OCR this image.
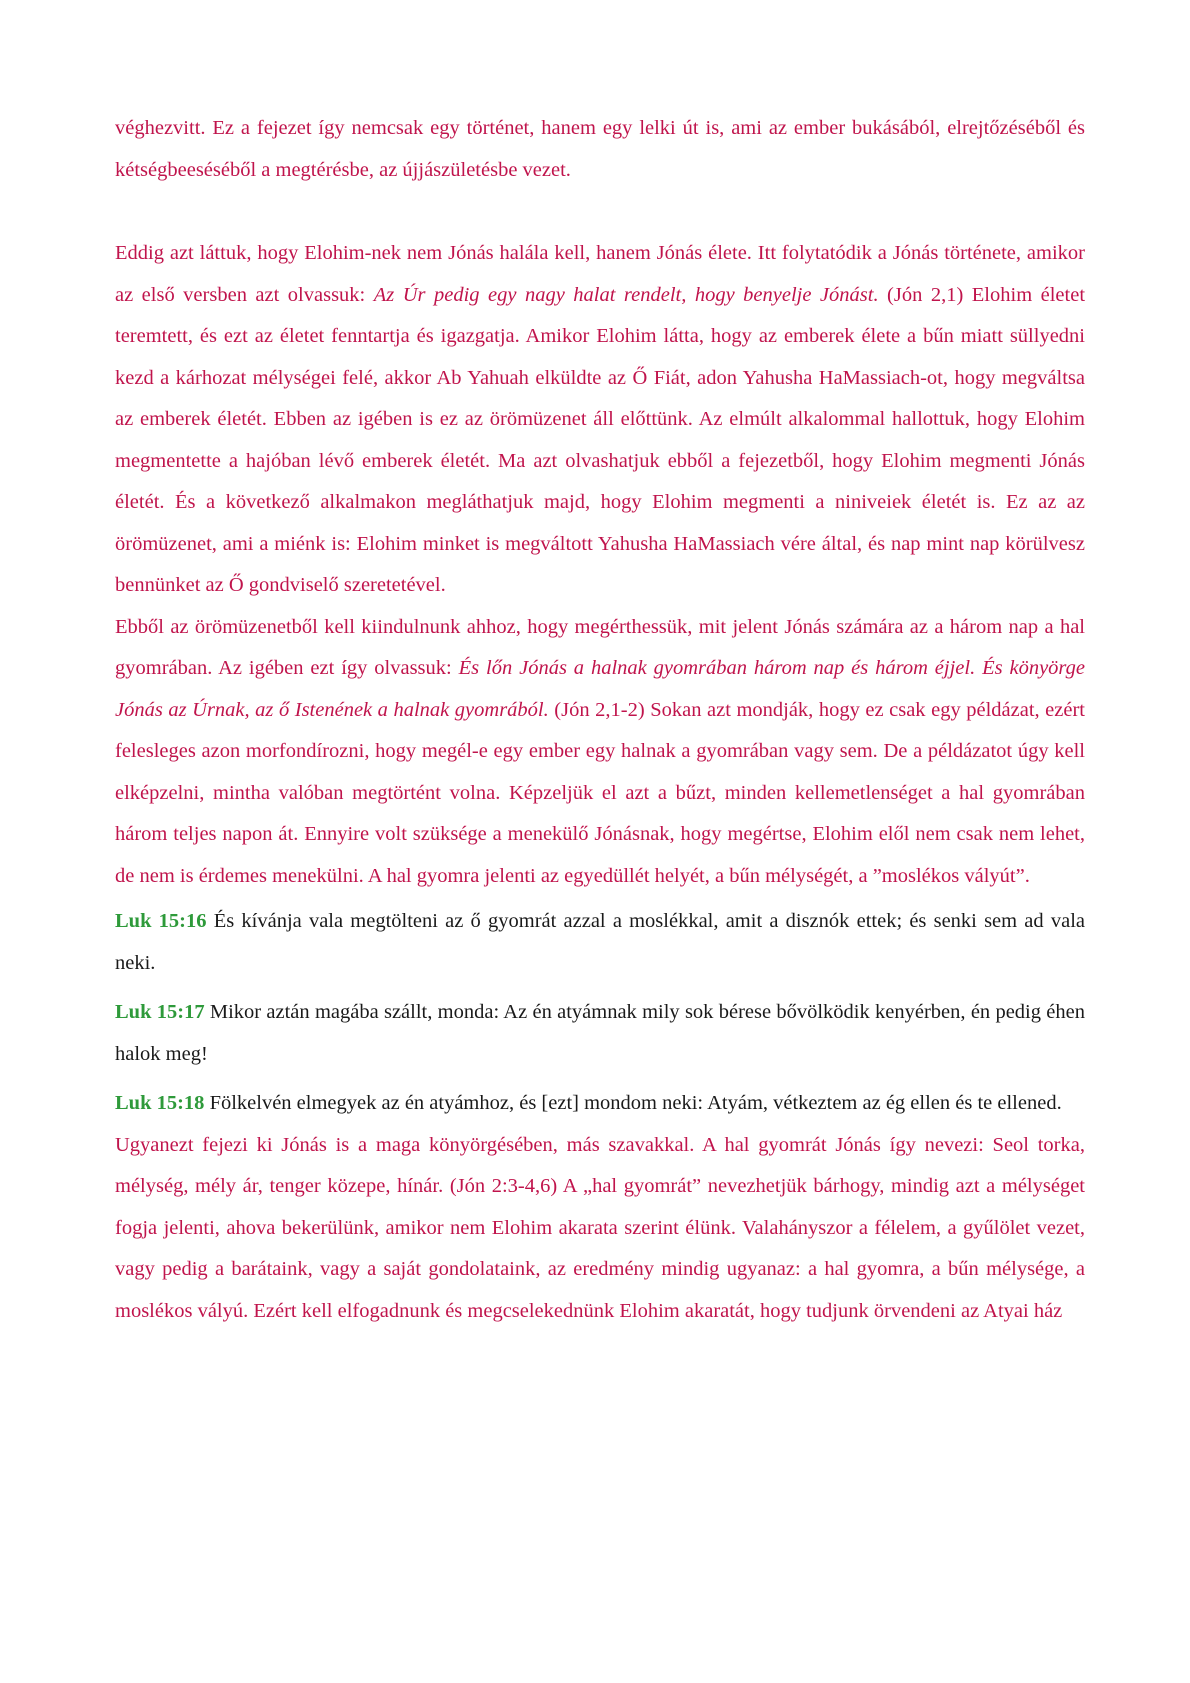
véghezvitt. Ez a fejezet így nemcsak egy történet, hanem egy lelki út is, ami az ember bukásából, elrejtőzéséből és kétségbeeséséből a megtérésbe, az újjászületésbe vezet.

Eddig azt láttuk, hogy Elohim-nek nem Jónás halála kell, hanem Jónás élete. Itt folytatódik a Jónás története, amikor az első versben azt olvassuk: Az Úr pedig egy nagy halat rendelt, hogy benyelje Jónást. (Jón 2,1) Elohim életet teremtett, és ezt az életet fenntartja és igazgatja. Amikor Elohim látta, hogy az emberek élete a bűn miatt süllyedni kezd a kárhozat mélységei felé, akkor Ab Yahuah elküldte az Ő Fiát, adon Yahusha HaMassiach-ot, hogy megváltsa az emberek életét. Ebben az igében is ez az örömüzenet áll előttünk. Az elmúlt alkalommal hallottuk, hogy Elohim megmentette a hajóban lévő emberek életét. Ma azt olvashatjuk ebből a fejezetből, hogy Elohim megmenti Jónás életét. És a következő alkalmakon megláthatjuk majd, hogy Elohim megmenti a niniveiek életét is. Ez az az örömüzenet, ami a miénk is: Elohim minket is megváltott Yahusha HaMassiach vére által, és nap mint nap körülvesz bennünket az Ő gondviselő szeretetével.

Ebből az örömüzenetből kell kiindulnunk ahhoz, hogy megérthessük, mit jelent Jónás számára az a három nap a hal gyomrában. Az igében ezt így olvassuk: És lőn Jónás a halnak gyomrában három nap és három éjjel. És könyörge Jónás az Úrnak, az ő Istenének a halnak gyomrából. (Jón 2,1-2) Sokan azt mondják, hogy ez csak egy példázat, ezért felesleges azon morfondírozni, hogy megél-e egy ember egy halnak a gyomrában vagy sem. De a példázatot úgy kell elképzelni, mintha valóban megtörtént volna. Képzeljük el azt a bűzt, minden kellemetlenséget a hal gyomrában három teljes napon át. Ennyire volt szüksége a menekülő Jónásnak, hogy megértse, Elohim elől nem csak nem lehet, de nem is érdemes menekülni. A hal gyomra jelenti az egyedüllét helyét, a bűn mélységét, a ”moslékos vályút”.

Luk 15:16 És kívánja vala megtölteni az ő gyomrát azzal a moslékkal, amit a disznók ettek; és senki sem ad vala neki.

Luk 15:17 Mikor aztán magába szállt, monda: Az én atyámnak mily sok bérese bővölködik kenyérben, én pedig éhen halok meg!

Luk 15:18 Fölkelvén elmegyek az én atyámhoz, és [ezt] mondom neki: Atyám, vétkeztem az ég ellen és te ellened.

Ugyanezt fejezi ki Jónás is a maga könyörgésében, más szavakkal. A hal gyomrát Jónás így nevezi: Seol torka, mélység, mély ár, tenger közepe, hínár. (Jón 2:3-4,6) A „hal gyomrát” nevezhetjük bárhogy, mindig azt a mélységet fogja jelenti, ahova bekerülünk, amikor nem Elohim akarata szerint élünk. Valahányszor a félelem, a gyűlölet vezet, vagy pedig a barátaink, vagy a saját gondolataink, az eredmény mindig ugyanaz: a hal gyomra, a bűn mélysége, a moslékos vályú. Ezért kell elfogadnunk és megcselekednünk Elohim akaratát, hogy tudjunk örvendeni az Atyai ház
